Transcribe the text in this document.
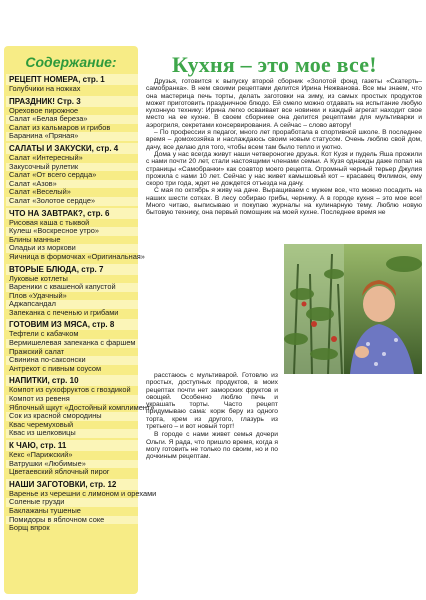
Содержание:
РЕЦЕПТ НОМЕРА, стр. 1
Голубчики на ножках
ПРАЗДНИК! Стр. 3
Ореховое пирожное
Салат «Белая береза»
Салат из кальмаров и грибов
Баранина «Пряная»
САЛАТЫ И ЗАКУСКИ, стр. 4
Салат «Интересный»
Закусочный рулетик
Салат «От всего сердца»
Салат «Азов»
Салат «Веселый»
Салат «Золотое сердце»
ЧТО НА ЗАВТРАК?, стр. 6
Рисовая каша с тыквой
Кулеш «Воскресное утро»
Блины манные
Оладьи из моркови
Яичница в формочках «Оригинальная»
ВТОРЫЕ БЛЮДА, стр. 7
Луковые котлеты
Вареники с квашеной капустой
Плов «Удачный»
Аджапсандал
Запеканка с печенью и грибами
ГОТОВИМ ИЗ МЯСА, стр. 8
Тефтели с кабачком
Вермишелевая запеканка с фаршем
Пражский салат
Свинина по-саксонски
Антрекот с пивным соусом
НАПИТКИ, стр. 10
Компот из сухофруктов с гвоздикой
Компот из ревеня
Яблочный щкут «Достойный комплимент»
Сок из красной смородины
Квас черемуховый
Квас из шелковицы
К ЧАЮ, стр. 11
Кекс «Парижский»
Ватрушки «Любимые»
Цветаевский яблочный пирог
НАШИ ЗАГОТОВКИ, стр. 12
Варенье из черешни с лимоном и орехами
Соленые грузди
Баклажаны тушеные
Помидоры в яблочном соке
Борщ впрок
Кухня – это мое все!

Друзья, готовится к выпуску второй сборник «Золотой фонд газеты «Скатерть–самобранка». В нем своими рецептами делится Ирина Нежванова. Все мы знаем, что она мастерица печь торты, делать заготовки на зиму, из самых простых продуктов может приготовить праздничное блюдо. Ей смело можно отдавать на испытание любую кухонную технику: Ирина легко осваивает все новинки и каждый агрегат находит свое место на ее кухне. В своем сборнике она делится рецептами для мультиварки и аэрогриля, секретами консервирования. А сейчас – слово автору!

– По профессии я педагог, много лет проработала в спортивной школе. В последнее время – домохозяйка и наслаждаюсь своим новым статусом. Очень люблю свой дом, дачу, все делаю для того, чтобы всем там было тепло и уютно.

Дома у нас всегда живут наши четвероногие друзья. Кот Кузя и пудель Яша прожили с нами почти 20 лет, стали настоящими членами семьи. А Кузя однажды даже попал на страницы «Самобранки» как соавтор моего рецепта. Огромный черный терьер Джулия прожила с нами 10 лет. Сейчас у нас живет камышовый кот – красавец Филимон, ему скоро три года, ждет не дождется отъезда на дачу.

С мая по октябрь я живу на даче. Выращиваем с мужем все, что можно посадить на наших шести сотках. В лесу собираю грибы, чернику. А в городе кухня – это мое все! Много читаю, выписываю и покупаю журналы на кулинарную тему. Люблю новую бытовую технику, она первый помощник на моей кухне. Последнее время не

расстаюсь с мультиварой. Готовлю из простых, доступных продуктов, в моих рецептах почти нет заморских фруктов и овощей. Особенно люблю печь и украшать торты. Часто рецепт придумываю сама: корж беру из одного торта, крем из другого, глазурь из третьего – и вот новый торт!

В городе с нами живет семья дочери Ольги. Я рада, что пришло время, когда я могу готовить не только по своим, но и по дочкиным рецептам.
